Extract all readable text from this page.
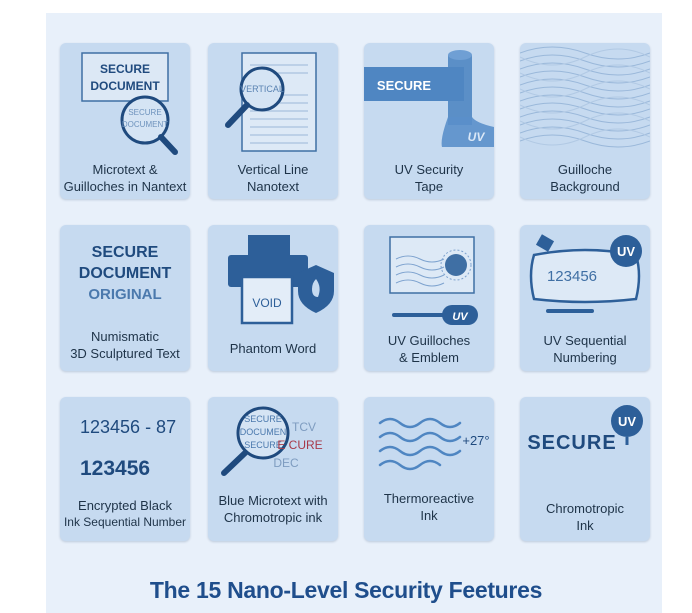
SECURE
DOCUMENT
SECURE
DOCUMENT
Microtext &
Guilloches in Nantext
VERTICAL
Vertical Line
Nanotext
SECURE
UV
UV Security
Tape
Guilloche
Background
SECURE
DOCUMENT
ORIGINAL
Numismatic
3D Sculptured Text
VOID
Phantom Word
UV
UV Guilloches
& Emblem
123456
UV
UV Sequential
Numbering
123456 - 87
123456
Encrypted Black
Ink Sequential Number
SECURE
DOCUMEN
SECURE
TCV
E CURE
DEC
Blue Microtext with
Chromotropic ink
+27°
Thermoreactive
Ink
SECURE
UV
Chromotropic
Ink
The 15 Nano-Level Security Feetures
